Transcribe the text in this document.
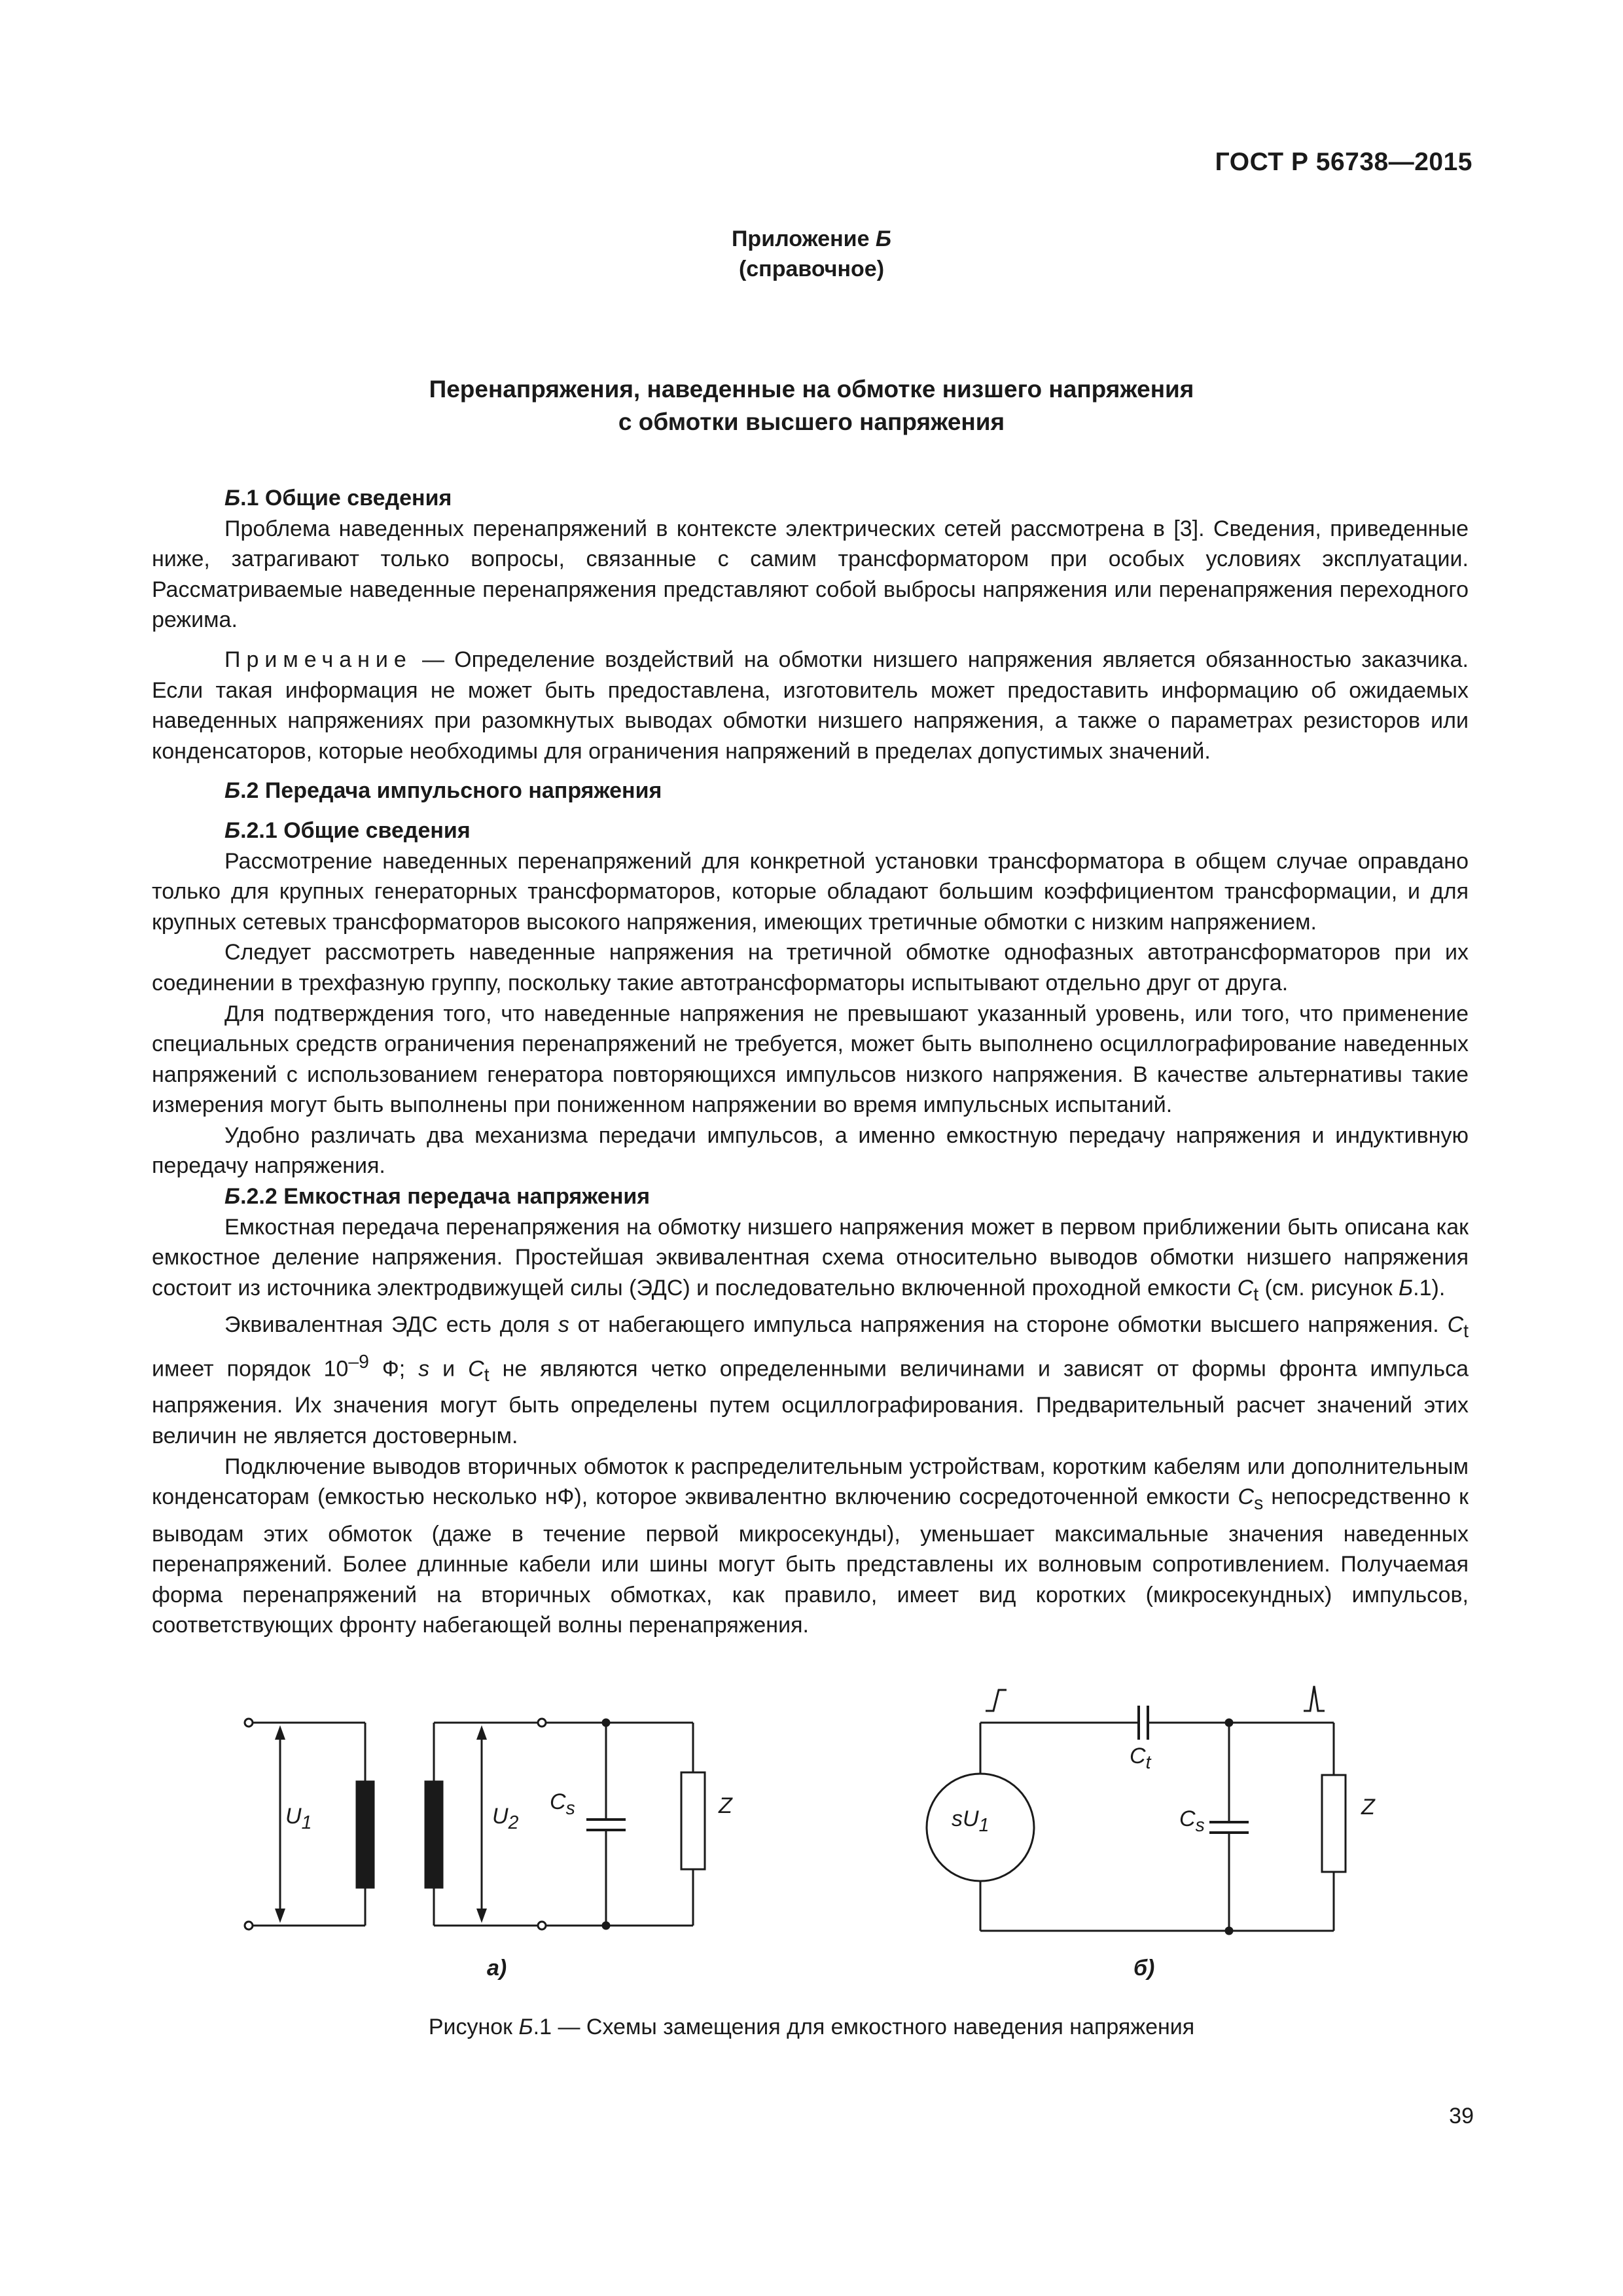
ГОСТ Р 56738—2015
Приложение Б
(справочное)
Перенапряжения, наведенные на обмотке низшего напряжения
с обмотки высшего напряжения
Б.1 Общие сведения

Проблема наведенных перенапряжений в контексте электрических сетей рассмотрена в [3]. Сведения, приведенные ниже, затрагивают только вопросы, связанные с самим трансформатором при особых условиях эксплуатации. Рассматриваемые наведенные перенапряжения представляют собой выбросы напряжения или перенапряжения переходного режима.

Примечание — Определение воздействий на обмотки низшего напряжения является обязанностью заказчика. Если такая информация не может быть предоставлена, изготовитель может предоставить информацию об ожидаемых наведенных напряжениях при разомкнутых выводах обмотки низшего напряжения, а также о параметрах резисторов или конденсаторов, которые необходимы для ограничения напряжений в пределах допустимых значений.

Б.2 Передача импульсного напряжения
Б.2.1 Общие сведения

Рассмотрение наведенных перенапряжений для конкретной установки трансформатора в общем случае оправдано только для крупных генераторных трансформаторов, которые обладают большим коэффициентом трансформации, и для крупных сетевых трансформаторов высокого напряжения, имеющих третичные обмотки с низким напряжением.

Следует рассмотреть наведенные напряжения на третичной обмотке однофазных автотрансформаторов при их соединении в трехфазную группу, поскольку такие автотрансформаторы испытывают отдельно друг от друга.

Для подтверждения того, что наведенные напряжения не превышают указанный уровень, или того, что применение специальных средств ограничения перенапряжений не требуется, может быть выполнено осциллографирование наведенных напряжений с использованием генератора повторяющихся импульсов низкого напряжения. В качестве альтернативы такие измерения могут быть выполнены при пониженном напряжении во время импульсных испытаний.

Удобно различать два механизма передачи импульсов, а именно емкостную передачу напряжения и индуктивную передачу напряжения.

Б.2.2 Емкостная передача напряжения

Емкостная передача перенапряжения на обмотку низшего напряжения может в первом приближении быть описана как емкостное деление напряжения. Простейшая эквивалентная схема относительно выводов обмотки низшего напряжения состоит из источника электродвижущей силы (ЭДС) и последовательно включенной проходной емкости $C_t$ (см. рисунок Б.1).

Эквивалентная ЭДС есть доля s от набегающего импульса напряжения на стороне обмотки высшего напряжения. $C_t$ имеет порядок $10^{-9}$ Ф; s и $C_t$ не являются четко определенными величинами и зависят от формы фронта импульса напряжения. Их значения могут быть определены путем осциллографирования. Предварительный расчет значений этих величин не является достоверным.

Подключение выводов вторичных обмоток к распределительным устройствам, коротким кабелям или дополнительным конденсаторам (емкостью несколько нФ), которое эквивалентно включению сосредоточенной емкости $C_s$ непосредственно к выводам этих обмоток (даже в течение первой микросекунды), уменьшает максимальные значения наведенных перенапряжений. Более длинные кабели или шины могут быть представлены их волновым сопротивлением. Получаемая форма перенапряжений на вторичных обмотках, как правило, имеет вид коротких (микросекундных) импульсов, соответствующих фронту набегающей волны перенапряжения.

$U_1$	$U_2$
$C_s$	Z
а)
$sU_1$
$C_t$
$C_s$
Z
б)
Рисунок Б.1 — Схемы замещения для емкостного наведения напряжения
39
